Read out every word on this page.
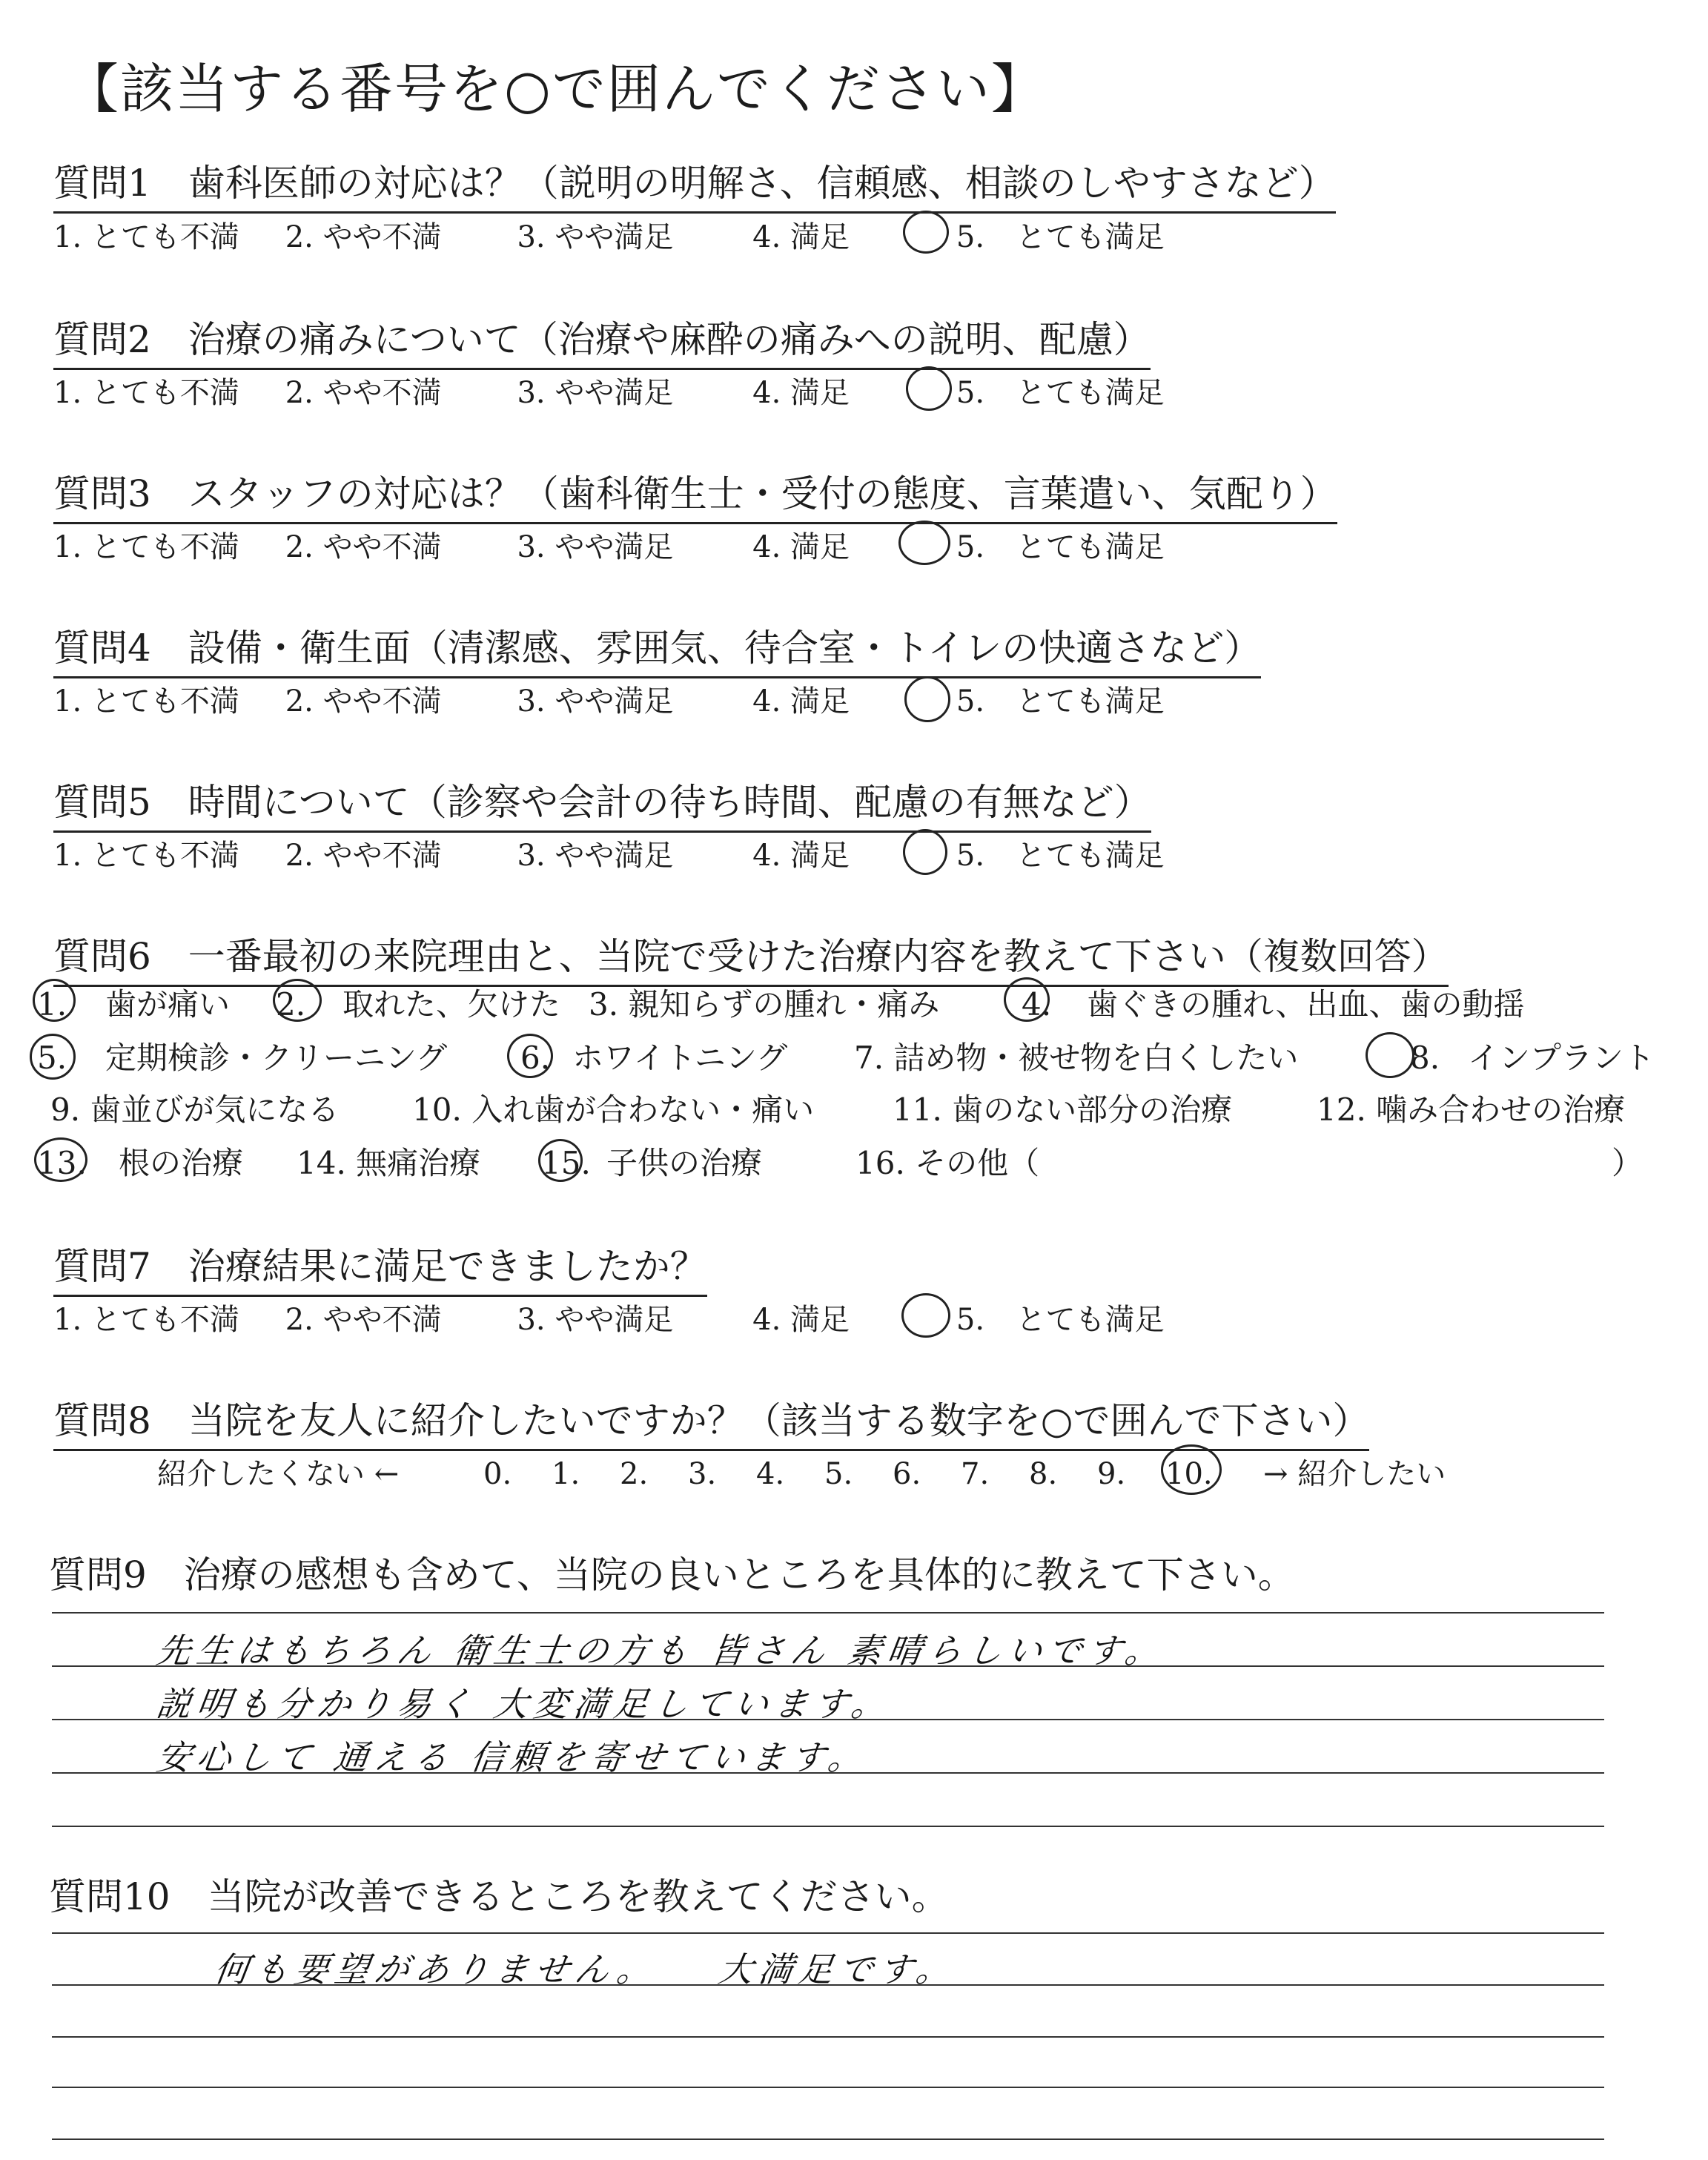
【該当する番号を○で囲んでください】
質問1　歯科医師の対応は？（説明の明解さ、信頼感、相談のしやすさなど）
1. とても不満 2. やや不満	3. やや満足	4. 満足	5. とても満足
質問2　治療の痛みについて（治療や麻酔の痛みへの説明、配慮）
1. とても不満 2. やや不満	3. やや満足	4. 満足	5. とても満足
質問3　スタッフの対応は？（歯科衛生士・受付の態度、言葉遣い、気配り）
1. とても不満 2. やや不満	3. やや満足	4. 満足	5. とても満足
質問4　設備・衛生面（清潔感、雰囲気、待合室・トイレの快適さなど）
1. とても不満 2. やや不満	3. やや満足	4. 満足	5. とても満足
質問5　時間について（診察や会計の待ち時間、配慮の有無など）
1. とても不満 2. やや不満	3. やや満足	4. 満足	5. とても満足
質問6　一番最初の来院理由と、当院で受けた治療内容を教えて下さい（複数回答）
1. 歯が痛い 2. 取れた、欠けた 3. 親知らずの腫れ・痛み	4. 歯ぐきの腫れ、出血、歯の動揺
5. 定期検診・クリーニング 6. ホワイトニング 7. 詰め物・被せ物を白くしたい	8. インプラント
9. 歯並びが気になる 10. 入れ歯が合わない・痛い	11. 歯のない部分の治療	12. 噛み合わせの治療
13. 根の治療 14. 無痛治療 15. 子供の治療	16. その他（	）
質問7　治療結果に満足できましたか？
1. とても不満 2. やや不満	3. やや満足	4. 満足	5. とても満足
質問8　当院を友人に紹介したいですか？（該当する数字を○で囲んで下さい）
紹介したくない ←	0. 1. 2. 3. 4. 5. 6. 7. 8. 9. 10. → 紹介したい
質問9　治療の感想も含めて、当院の良いところを具体的に教えて下さい。
先生はもちろん 衛生士の方も 皆さん 素晴らしいです。
説明も分かり易く 大変満足しています。
安心して 通える 信頼を寄せています。
質問10　当院が改善できるところを教えてください。
何も要望がありません。 大満足です。
